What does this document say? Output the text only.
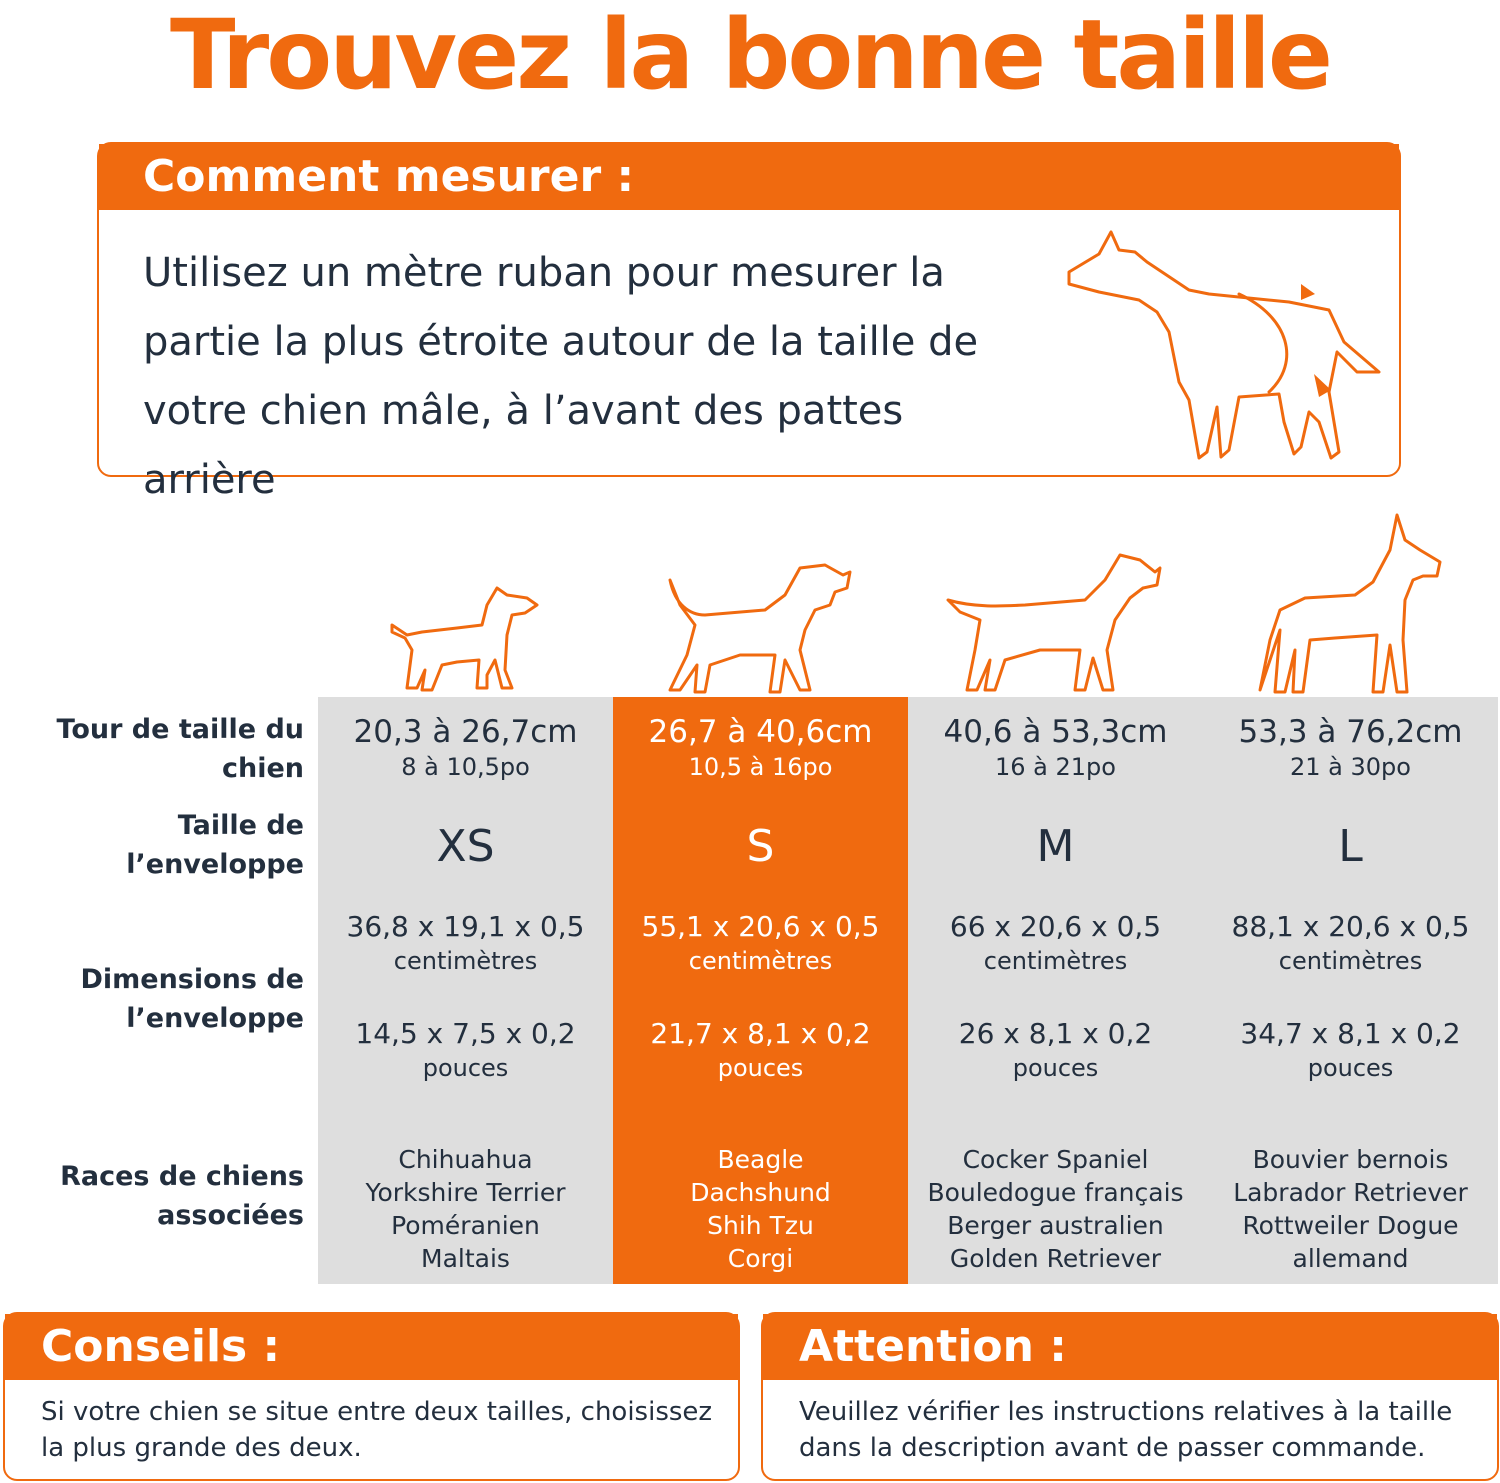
Trouvez la bonne taille
Comment mesurer :
Utilisez un mètre ruban pour mesurer la
partie la plus étroite autour de la taille de
votre chien mâle, à l’avant des pattes arrière
Tour de taille du
chien
Taille de
l’enveloppe
Dimensions de
l’enveloppe
Races de chiens
associées
20,3 à 26,7cm
8 à 10,5po
XS
36,8 x 19,1 x 0,5
centimètres
14,5 x 7,5 x 0,2
pouces
Chihuahua
Yorkshire Terrier
Poméranien
Maltais
26,7 à 40,6cm
10,5 à 16po
S
55,1 x 20,6 x 0,5
centimètres
21,7 x 8,1 x 0,2
pouces
Beagle
Dachshund
Shih Tzu
Corgi
40,6 à 53,3cm
16 à 21po
M
66 x 20,6 x 0,5
centimètres
26 x 8,1 x 0,2
pouces
Cocker Spaniel
Bouledogue français
Berger australien
Golden Retriever
53,3 à 76,2cm
21 à 30po
L
88,1 x 20,6 x 0,5
centimètres
34,7 x 8,1 x 0,2
pouces
Bouvier bernois
Labrador Retriever
Rottweiler Dogue
allemand
Conseils :
Si votre chien se situe entre deux tailles, choisissez
la plus grande des deux.
Attention :
Veuillez vérifier les instructions relatives à la taille
dans la description avant de passer commande.
